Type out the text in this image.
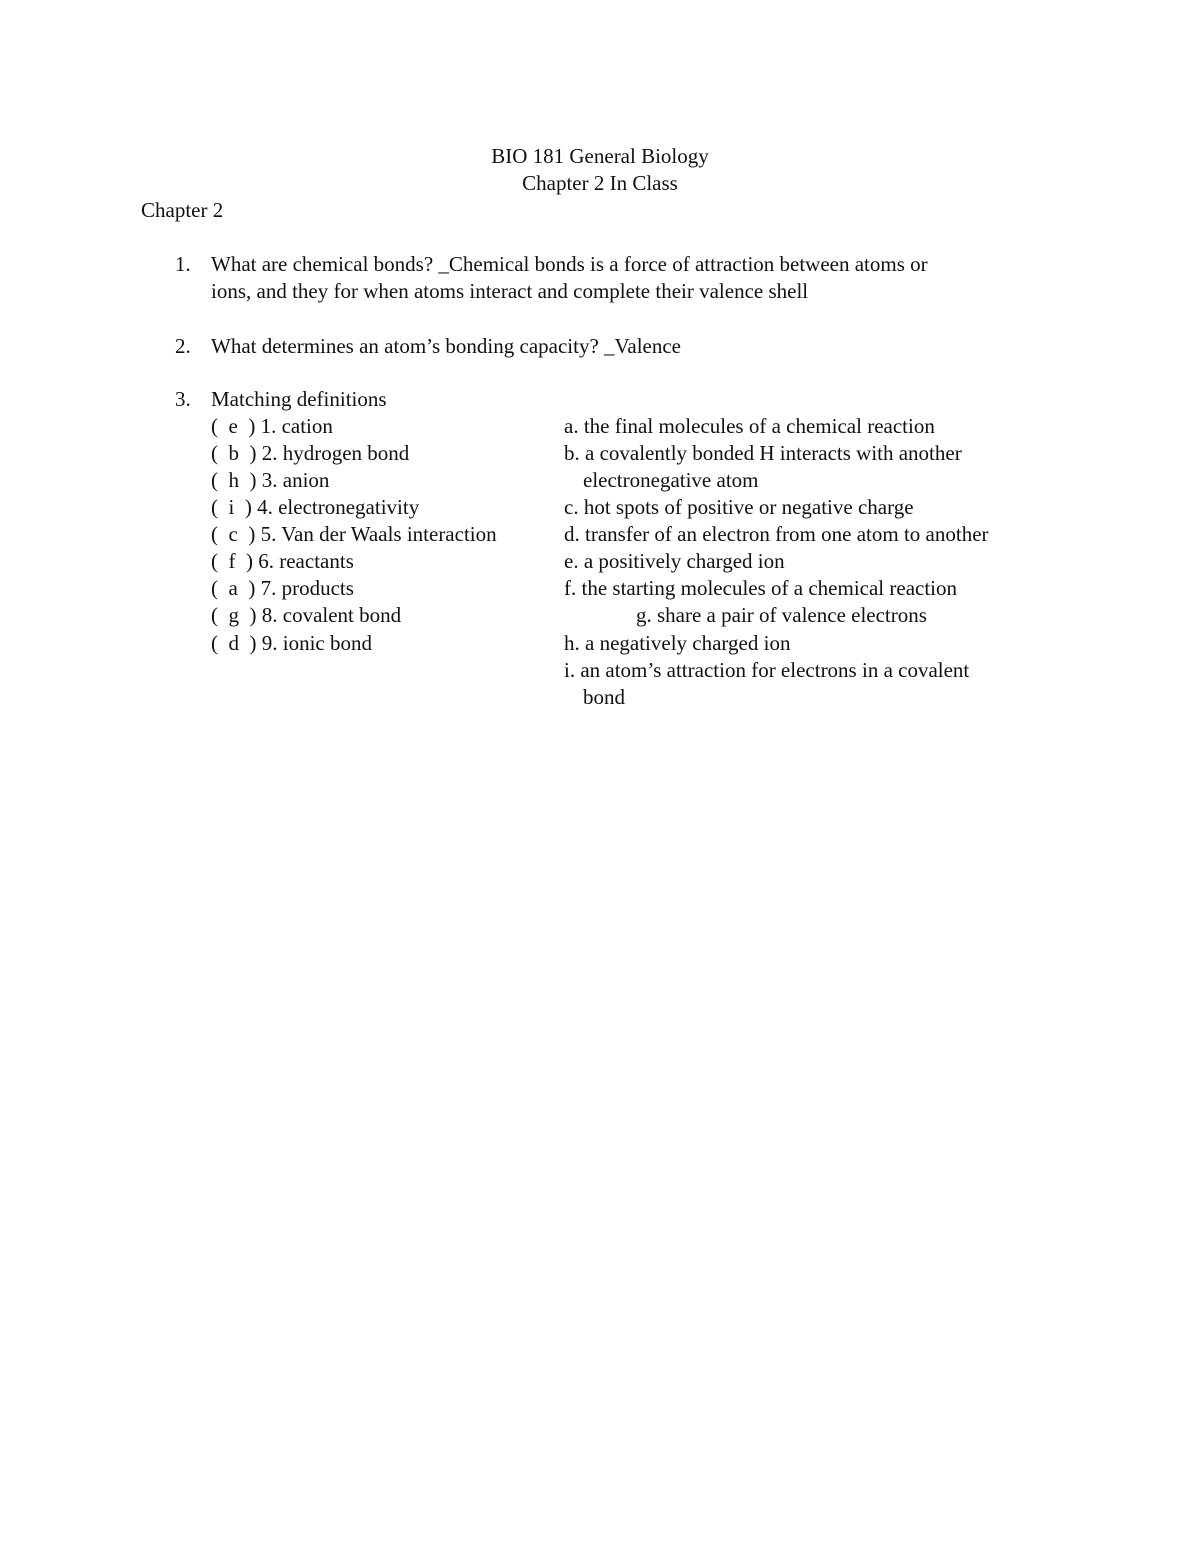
BIO 181 General Biology
Chapter 2 In Class
Chapter 2
1. What are chemical bonds? _Chemical bonds is a force of attraction between atoms or
ions, and they for when atoms interact and complete their valence shell
2. What determines an atom’s bonding capacity? _Valence
3. Matching definitions
(  e ) 1. cation
(  b ) 2. hydrogen bond
(  h ) 3. anion
(  i ) 4. electronegativity
(  c ) 5. Van der Waals interaction
(  f ) 6. reactants
(  a ) 7. products
(  g ) 8. covalent bond
(  d ) 9. ionic bond
a. the final molecules of a chemical reaction
b. a covalently bonded H interacts with another
electronegative atom
c. hot spots of positive or negative charge
d. transfer of an electron from one atom to another
e. a positively charged ion
f. the starting molecules of a chemical reaction
g. share a pair of valence electrons
h. a negatively charged ion
i. an atom’s attraction for electrons in a covalent
bond
